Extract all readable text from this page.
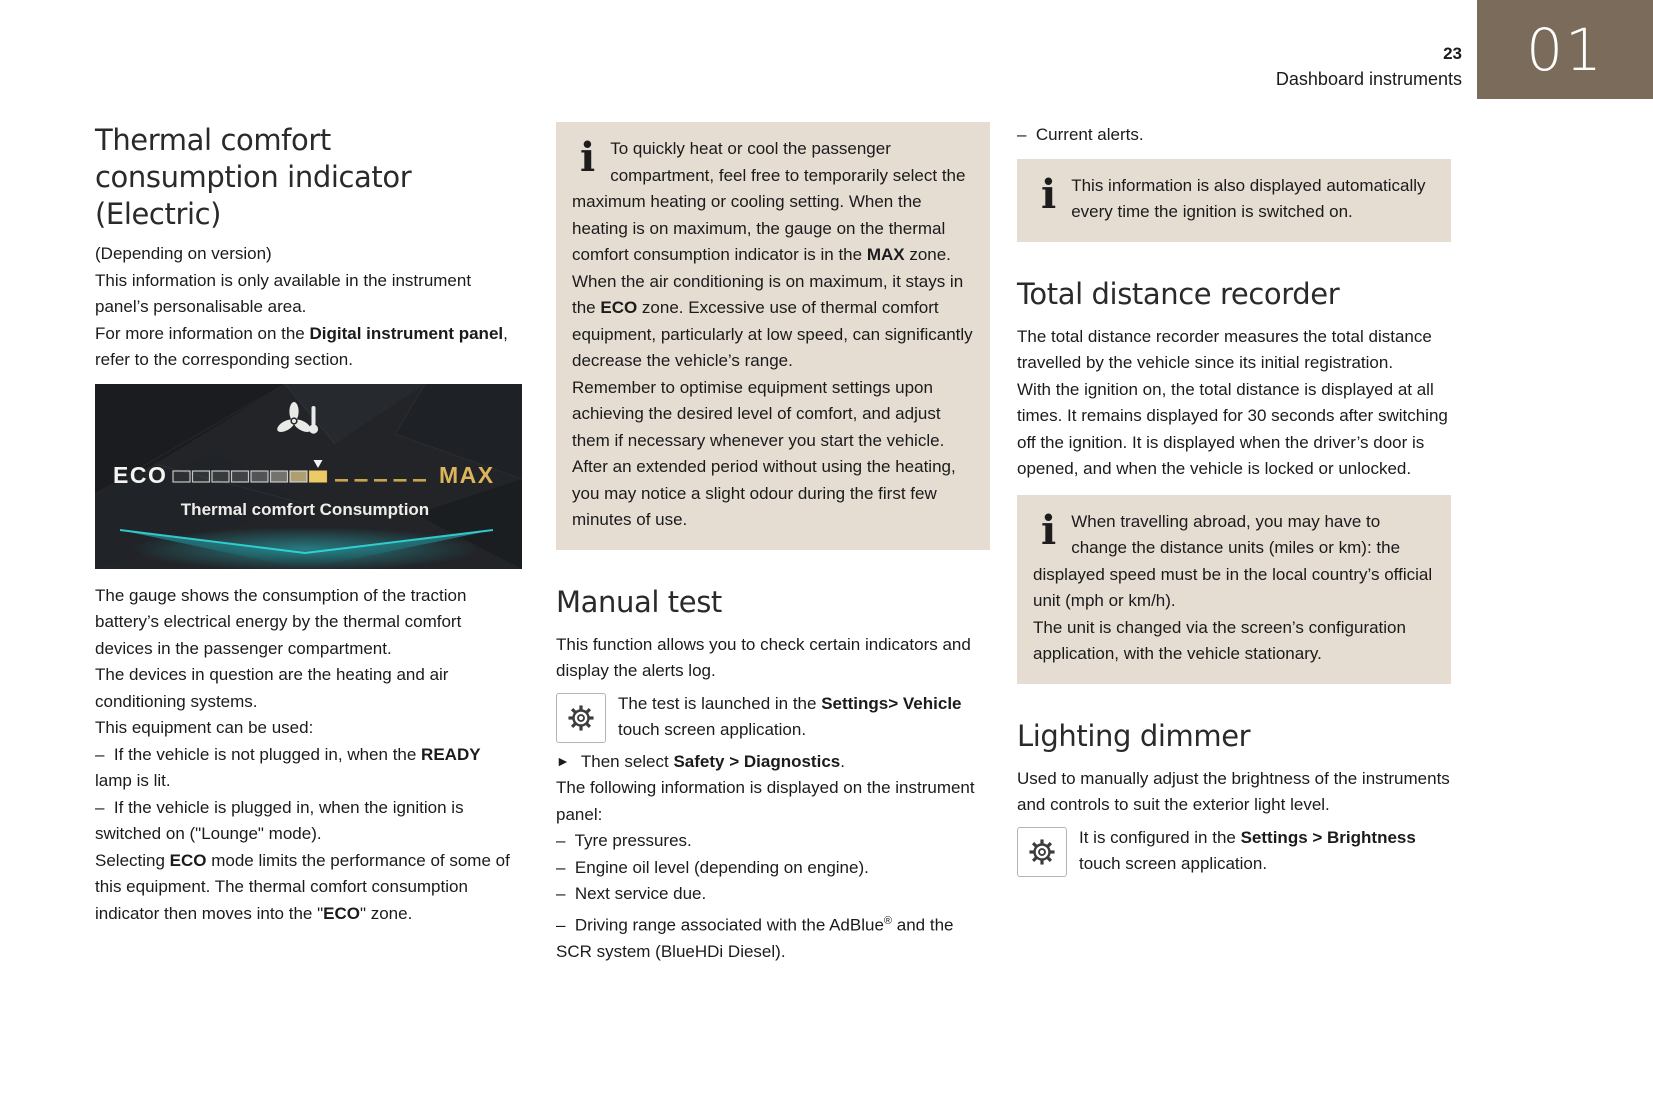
01
23
Dashboard instruments
Thermal comfort consumption indicator (Electric)

(Depending on version)

This information is only available in the instrument panel’s personalisable area.

For more information on the Digital instrument panel, refer to the corresponding section.

ECO	MAX
Thermal comfort Consumption

The gauge shows the consumption of the traction battery’s electrical energy by the thermal comfort devices in the passenger compartment.

The devices in question are the heating and air conditioning systems.

This equipment can be used:

–  If the vehicle is not plugged in, when the READY lamp is lit.

–  If the vehicle is plugged in, when the ignition is switched on ("Lounge" mode).

Selecting ECO mode limits the performance of some of this equipment. The thermal comfort consumption indicator then moves into the "ECO" zone.

i To quickly heat or cool the passenger compartment, feel free to temporarily select the maximum heating or cooling setting. When the heating is on maximum, the gauge on the thermal comfort consumption indicator is in the MAX zone. When the air conditioning is on maximum, it stays in the ECO zone. Excessive use of thermal comfort equipment, particularly at low speed, can significantly decrease the vehicle’s range.

Remember to optimise equipment settings upon achieving the desired level of comfort, and adjust them if necessary whenever you start the vehicle.

After an extended period without using the heating, you may notice a slight odour during the first few minutes of use.

Manual test

This function allows you to check certain indicators and display the alerts log.

The test is launched in the Settings> Vehicle touch screen application.

► Then select Safety > Diagnostics.

The following information is displayed on the instrument panel:

–  Tyre pressures.

–  Engine oil level (depending on engine).

–  Next service due.

–  Driving range associated with the AdBlue® and the SCR system (BlueHDi Diesel).

–  Current alerts.

i This information is also displayed automatically every time the ignition is switched on.

Total distance recorder

The total distance recorder measures the total distance travelled by the vehicle since its initial registration.

With the ignition on, the total distance is displayed at all times. It remains displayed for 30 seconds after switching off the ignition. It is displayed when the driver’s door is opened, and when the vehicle is locked or unlocked.

i When travelling abroad, you may have to change the distance units (miles or km): the displayed speed must be in the local country’s official unit (mph or km/h).

The unit is changed via the screen’s configuration application, with the vehicle stationary.

Lighting dimmer

Used to manually adjust the brightness of the instruments and controls to suit the exterior light level.

It is configured in the Settings > Brightness touch screen application.
